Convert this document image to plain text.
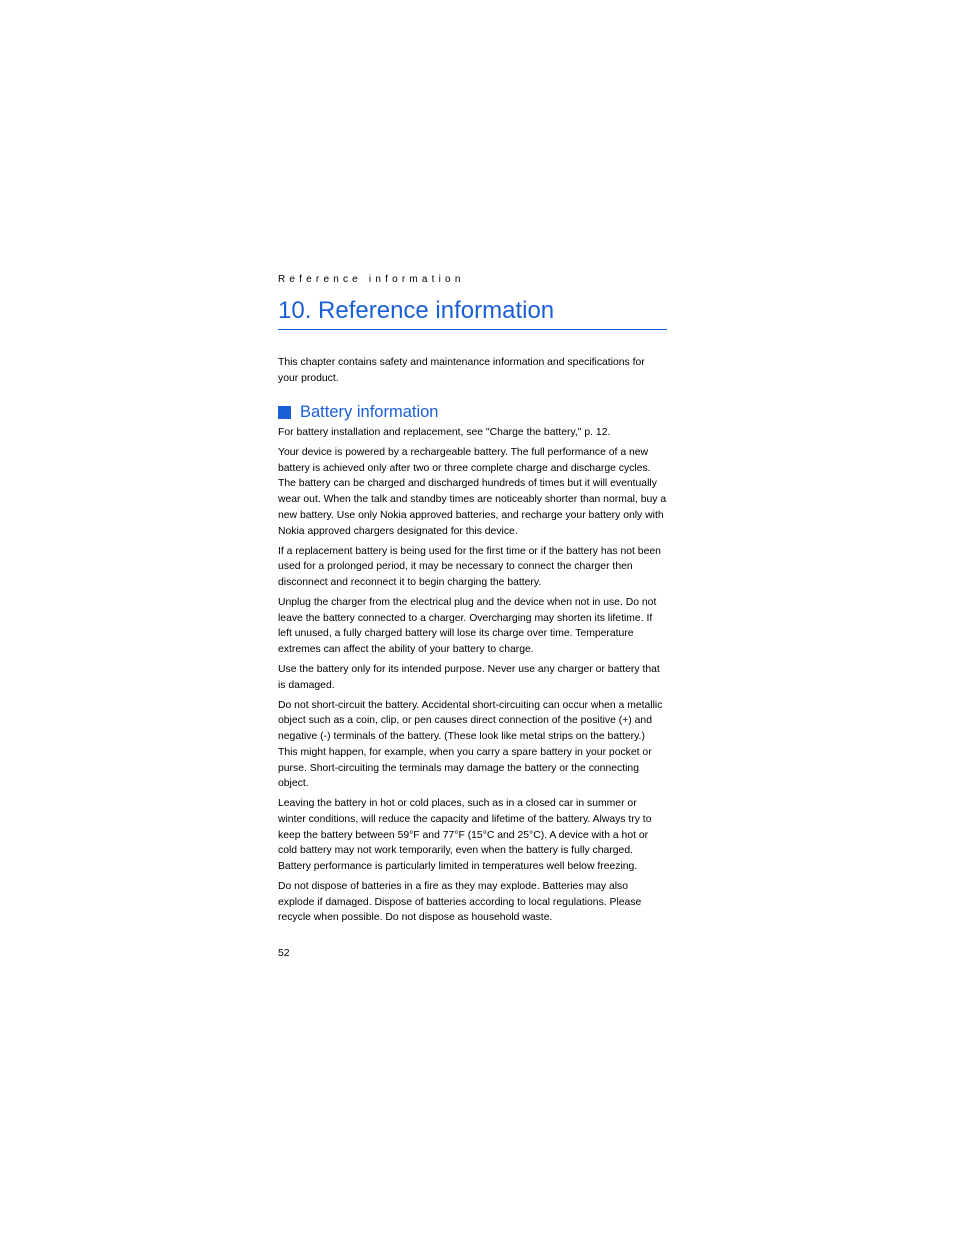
Reference information
10. Reference information

This chapter contains safety and maintenance information and specifications for your product.

Battery information

For battery installation and replacement, see "Charge the battery," p. 12.

Your device is powered by a rechargeable battery. The full performance of a new battery is achieved only after two or three complete charge and discharge cycles. The battery can be charged and discharged hundreds of times but it will eventually wear out. When the talk and standby times are noticeably shorter than normal, buy a new battery. Use only Nokia approved batteries, and recharge your battery only with Nokia approved chargers designated for this device.

If a replacement battery is being used for the first time or if the battery has not been used for a prolonged period, it may be necessary to connect the charger then disconnect and reconnect it to begin charging the battery.

Unplug the charger from the electrical plug and the device when not in use. Do not leave the battery connected to a charger. Overcharging may shorten its lifetime. If left unused, a fully charged battery will lose its charge over time. Temperature extremes can affect the ability of your battery to charge.

Use the battery only for its intended purpose. Never use any charger or battery that is damaged.

Do not short-circuit the battery. Accidental short-circuiting can occur when a metallic object such as a coin, clip, or pen causes direct connection of the positive (+) and negative (-) terminals of the battery. (These look like metal strips on the battery.) This might happen, for example, when you carry a spare battery in your pocket or purse. Short-circuiting the terminals may damage the battery or the connecting object.

Leaving the battery in hot or cold places, such as in a closed car in summer or winter conditions, will reduce the capacity and lifetime of the battery. Always try to keep the battery between 59°F and 77°F (15°C and 25°C). A device with a hot or cold battery may not work temporarily, even when the battery is fully charged. Battery performance is particularly limited in temperatures well below freezing.

Do not dispose of batteries in a fire as they may explode. Batteries may also explode if damaged. Dispose of batteries according to local regulations. Please recycle when possible. Do not dispose as household waste.

52
